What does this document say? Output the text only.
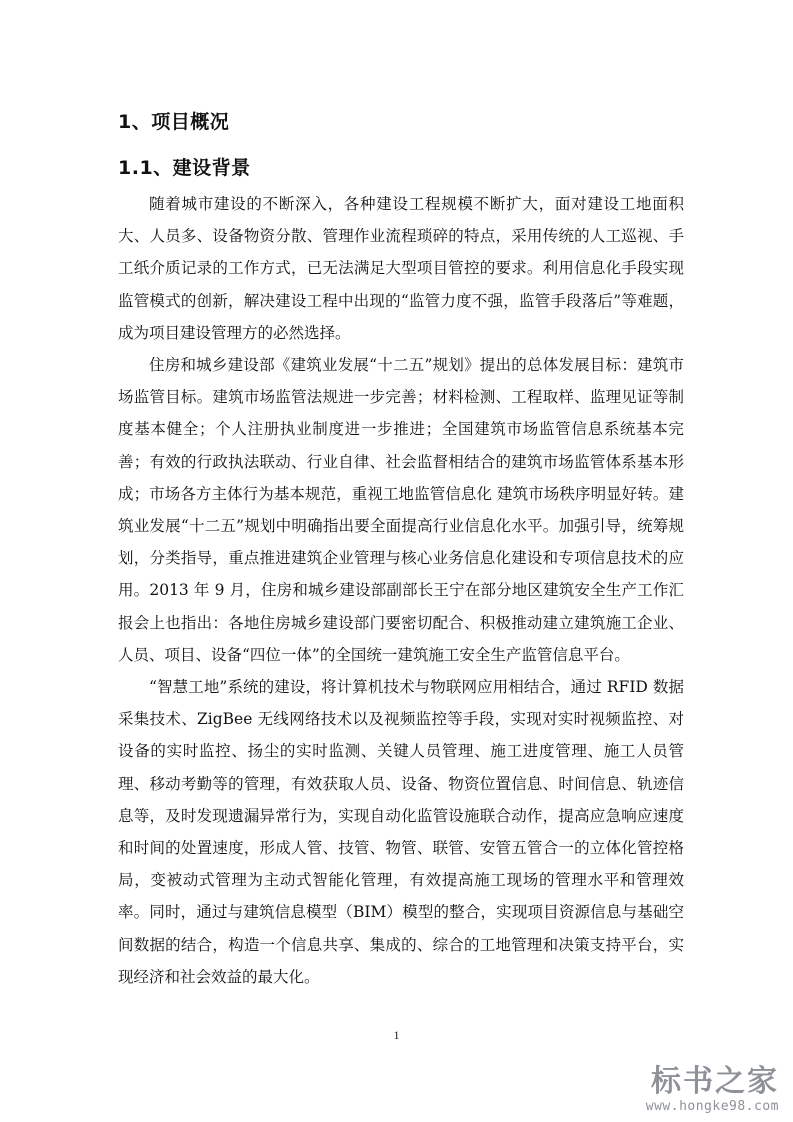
1、项目概况
1.1、建设背景

随着城市建设的不断深入，各种建设工程规模不断扩大，面对建设工地面积大、人员多、设备物资分散、管理作业流程琐碎的特点，采用传统的人工巡视、手工纸介质记录的工作方式，已无法满足大型项目管控的要求。利用信息化手段实现监管模式的创新，解决建设工程中出现的“监管力度不强，监管手段落后”等难题，成为项目建设管理方的必然选择。

住房和城乡建设部《建筑业发展“十二五”规划》提出的总体发展目标：建筑市场监管目标。建筑市场监管法规进一步完善；材料检测、工程取样、监理见证等制度基本健全；个人注册执业制度进一步推进；全国建筑市场监管信息系统基本完善；有效的行政执法联动、行业自律、社会监督相结合的建筑市场监管体系基本形成；市场各方主体行为基本规范，重视工地监管信息化 建筑市场秩序明显好转。建筑业发展“十二五”规划中明确指出要全面提高行业信息化水平。加强引导，统筹规划，分类指导，重点推进建筑企业管理与核心业务信息化建设和专项信息技术的应用。2013 年 9 月，住房和城乡建设部副部长王宁在部分地区建筑安全生产工作汇报会上也指出：各地住房城乡建设部门要密切配合、积极推动建立建筑施工企业、人员、项目、设备“四位一体”的全国统一建筑施工安全生产监管信息平台。

“智慧工地”系统的建设，将计算机技术与物联网应用相结合，通过 RFID 数据采集技术、ZigBee 无线网络技术以及视频监控等手段，实现对实时视频监控、对设备的实时监控、扬尘的实时监测、关键人员管理、施工进度管理、施工人员管理、移动考勤等的管理，有效获取人员、设备、物资位置信息、时间信息、轨迹信息等，及时发现遗漏异常行为，实现自动化监管设施联合动作，提高应急响应速度和时间的处置速度，形成人管、技管、物管、联管、安管五管合一的立体化管控格局，变被动式管理为主动式智能化管理，有效提高施工现场的管理水平和管理效率。同时，通过与建筑信息模型（BIM）模型的整合，实现项目资源信息与基础空间数据的结合，构造一个信息共享、集成的、综合的工地管理和决策支持平台，实现经济和社会效益的最大化。

1
标书之家
www.hongke98.com
